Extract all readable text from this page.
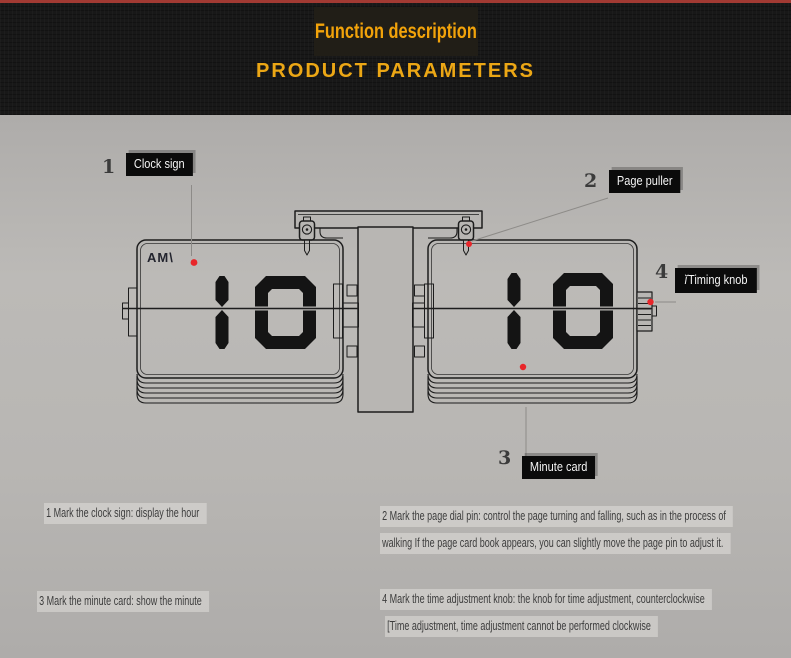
Function description
PRODUCT PARAMETERS
AM\
1	Clock sign
2	Page puller
3	Minute card
4	ĭTiming knob
1 Mark the clock sign: display the hour
3 Mark the minute card: show the minute
2 Mark the page dial pin: control the page turning and falling, such as in the process of
walking If the page card book appears, you can slightly move the page pin to adjust it.
4 Mark the time adjustment knob: the knob for time adjustment, counterclockwise
[Time adjustment, time adjustment cannot be performed clockwise
